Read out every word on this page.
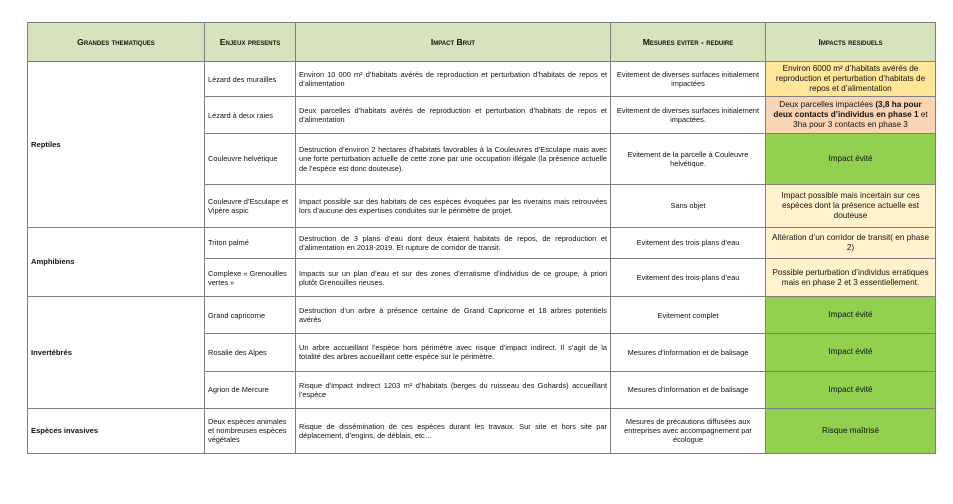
Grandes thematiques	Enjeux presents	Impact Brut	Mesures eviter - reduire	Impacts residuels
Reptiles	Lézard des murailles	Environ 10 000 m² d’habitats avérés de reproduction et perturbation d’habitats de repos et d’alimentation	Evitement de diverses surfaces initialement impactées	Environ 6000 m² d’habitats avérés de reproduction et perturbation d’habitats de repos et d’alimentation
	Lézard à deux raies	Deux parcelles d’habitats avérés de reproduction et perturbation d’habitats de repos et d’alimentation	Evitement de diverses surfaces initialement impactées.	Deux parcelles impactées (3,8 ha pour deux contacts d’individus en phase 1 et 3ha pour 3 contacts en phase 3
	Couleuvre helvétique	Destruction d’environ 2 hectares d’habitats favorables à la Couleuvres d’Esculape mais avec une forte perturbation actuelle de cette zone par une occupation illégale (la présence actuelle de l’espèce est donc douteuse).	Evitement de la parcelle à Couleuvre helvétique.	Impact évité
	Couleuvre d’Esculape et Vipère aspic	Impact possible sur des habitats de ces espèces évoquées par les riverains mais retrouvées lors d’aucune des expertises conduites sur le périmètre de projet.	Sans objet	Impact possible mais incertain sur ces espèces dont la présence actuelle est douteuse
Amphibiens	Triton palmé	Destruction de 3 plans d’eau dont deux étaient habitats de repos, de reproduction et d’alimentation en 2018-2019. Et rupture de corridor de transit.	Evitement des trois plans d’eau	Altération d’un corridor de transit( en phase 2)
	Complexe « Grenouilles vertes »	Impacts sur un plan d’eau et sur des zones d’erratisme d’individus de ce groupe, à priori plutôt Grenouilles rieuses.	Evitement des trois plans d’eau	Possible perturbation d’individus erratiques mais en phase 2 et 3 essentiellement.
Invertébrés	Grand capricorne	Destruction d’un arbre à présence certaine de Grand Capricorne et 18 arbres potentiels avérés	Evitement complet	Impact évité
	Rosalie des Alpes	Un arbre accueillant l’espèce hors périmètre avec risque d’impact indirect. Il s’agit de la totalité des arbres accueillant cette espèce sur le périmètre.	Mesures d’information et de balisage	Impact évité
	Agrion de Mercure	Risque d’impact indirect 1203 m² d’habitats (berges du ruisseau des Gohards) accueillant l’espèce	Mesures d’information et de balisage	Impact évité
Espèces invasives	Deux espèces animales et nombreuses espèces végétales	Risque de dissémination de ces espèces durant les travaux. Sur site et hors site par déplacement, d’engins, de déblais, etc…	Mesures de précautions diffusées aux entreprises avec accompagnement par écologue	Risque maîtrisé
